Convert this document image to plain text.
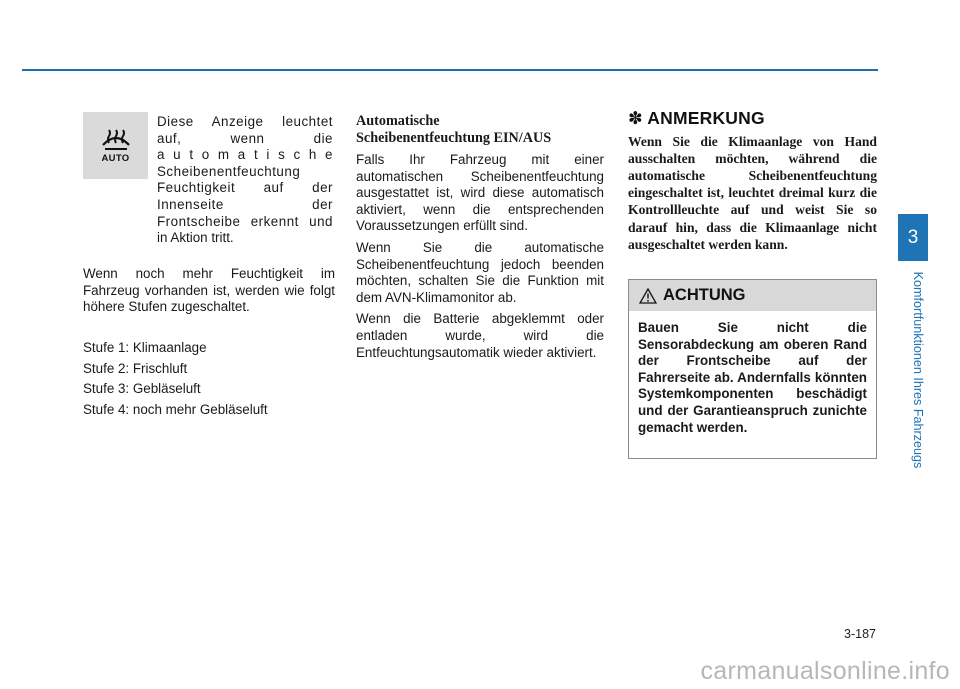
AUTO
Diese Anzeige leuchtet
auf, wenn die
a u t o m a t i s c h e
Scheibenentfeuchtung
Feuchtigkeit auf der
Innenseite der
Frontscheibe erkennt und
in Aktion tritt.

Wenn noch mehr Feuchtigkeit im Fahrzeug vorhanden ist, werden wie folgt höhere Stufen zugeschaltet.

Stufe 1: Klimaanlage

Stufe 2: Frischluft

Stufe 3: Gebläseluft

Stufe 4: noch mehr Gebläseluft

Automatische
Scheibenentfeuchtung EIN/AUS

Falls Ihr Fahrzeug mit einer automatischen Scheibenentfeuchtung ausgestattet ist, wird diese automatisch aktiviert, wenn die entsprechenden Voraussetzungen erfüllt sind.

Wenn Sie die automatische Scheibenentfeuchtung jedoch beenden möchten, schalten Sie die Funktion mit dem AVN-Klimamonitor ab.

Wenn die Batterie abgeklemmt oder entladen wurde, wird die Entfeuchtungsautomatik wieder aktiviert.

✽ ANMERKUNG

Wenn Sie die Klimaanlage von Hand ausschalten möchten, während die automatische Scheibenentfeuchtung eingeschaltet ist, leuchtet dreimal kurz die Kontrollleuchte auf und weist Sie so darauf hin, dass die Klimaanlage nicht ausgeschaltet werden kann.

ACHTUNG
Bauen Sie nicht die Sensorabdeckung am oberen Rand der Frontscheibe auf der Fahrerseite ab. Andernfalls könnten Systemkomponenten beschädigt und der Garantieanspruch zunichte gemacht werden.
3
Komfortfunktionen Ihres Fahrzeugs
3-187
carmanualsonline.info
